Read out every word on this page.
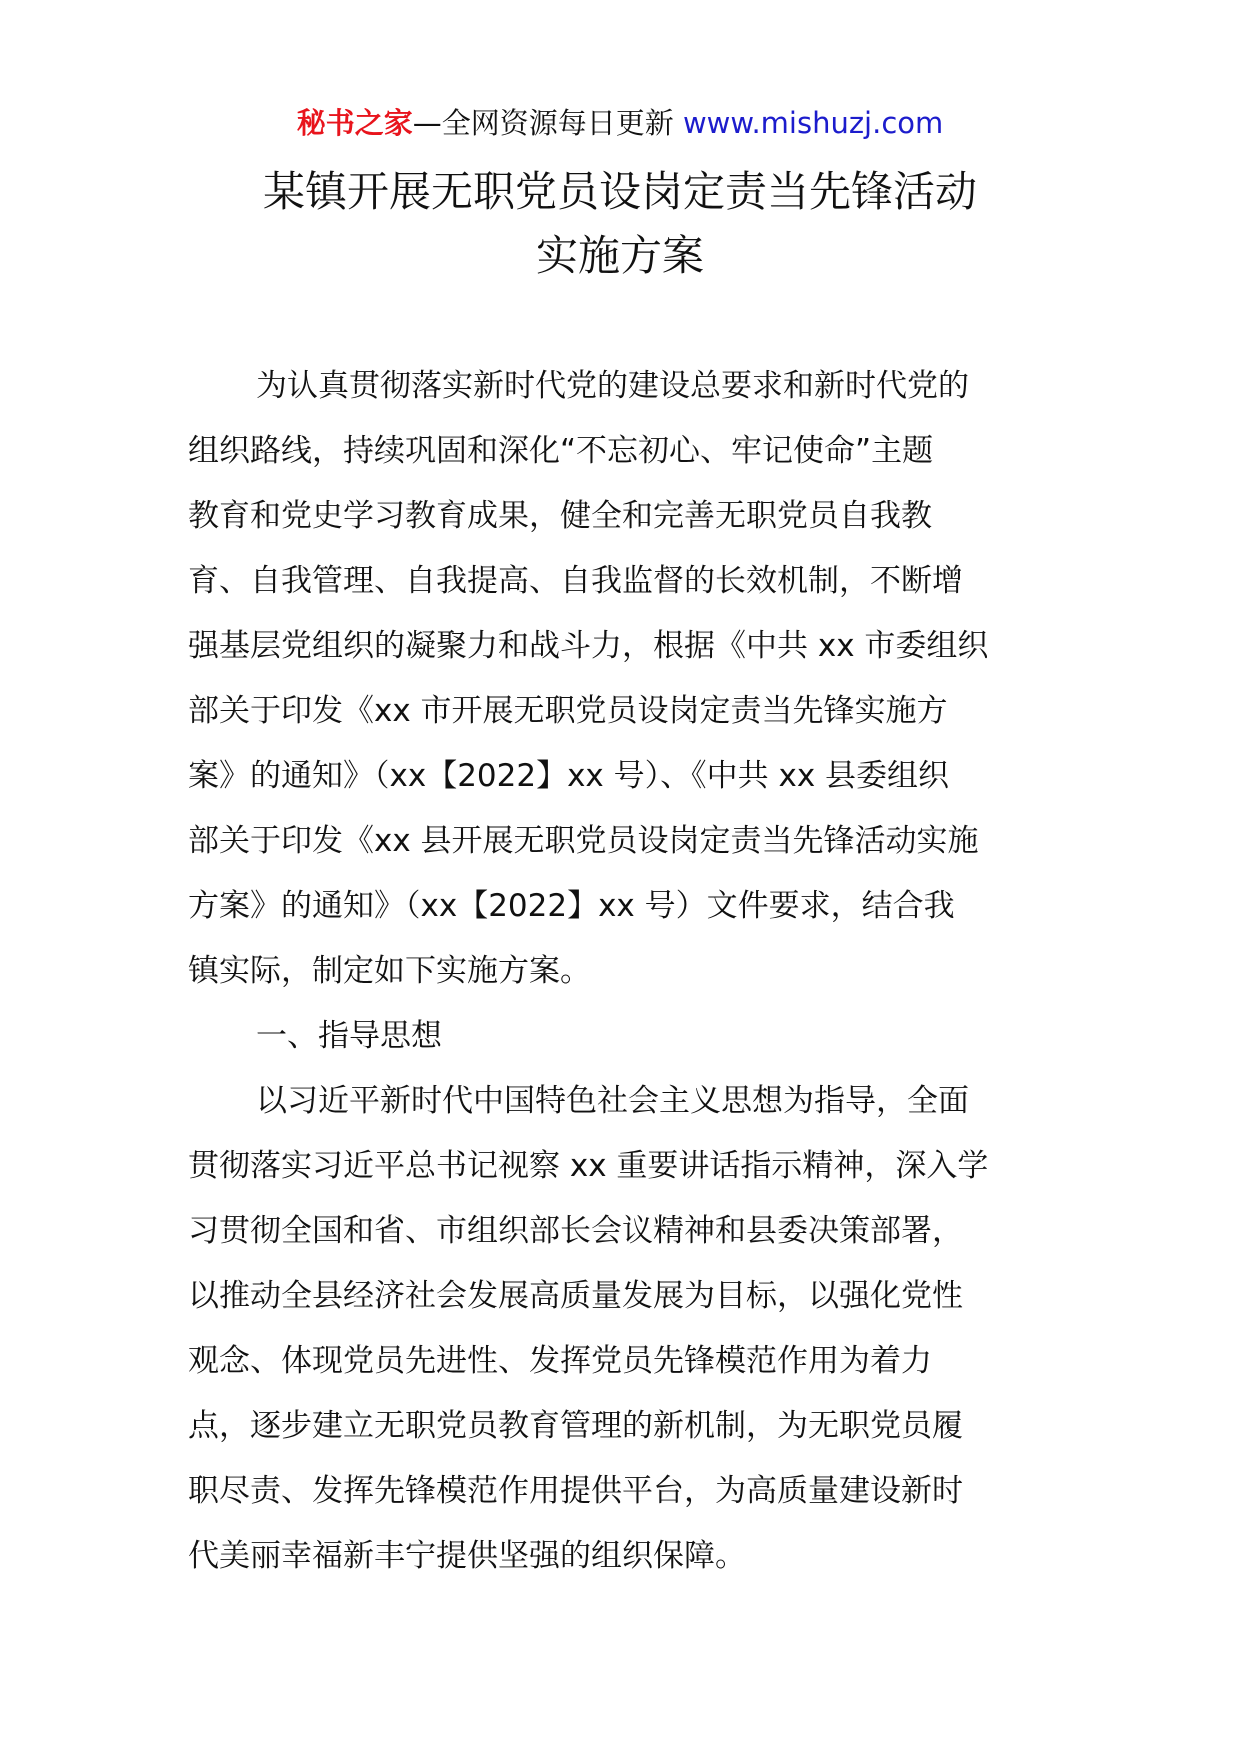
秘书之家—全网资源每日更新 www.mishuzj.com
某镇开展无职党员设岗定责当先锋活动
实施方案
为认真贯彻落实新时代党的建设总要求和新时代党的
组织路线，持续巩固和深化“不忘初心、牢记使命”主题
教育和党史学习教育成果，健全和完善无职党员自我教
育、自我管理、自我提高、自我监督的长效机制，不断增
强基层党组织的凝聚力和战斗力，根据《中共 xx 市委组织
部关于印发《xx 市开展无职党员设岗定责当先锋实施方
案》的通知》（xx【2022】xx 号）、《中共 xx 县委组织
部关于印发《xx 县开展无职党员设岗定责当先锋活动实施
方案》的通知》（xx【2022】xx 号）文件要求，结合我
镇实际，制定如下实施方案。
一、指导思想
以习近平新时代中国特色社会主义思想为指导，全面
贯彻落实习近平总书记视察 xx 重要讲话指示精神，深入学
习贯彻全国和省、市组织部长会议精神和县委决策部署，
以推动全县经济社会发展高质量发展为目标，以强化党性
观念、体现党员先进性、发挥党员先锋模范作用为着力
点，逐步建立无职党员教育管理的新机制，为无职党员履
职尽责、发挥先锋模范作用提供平台，为高质量建设新时
代美丽幸福新丰宁提供坚强的组织保障。
